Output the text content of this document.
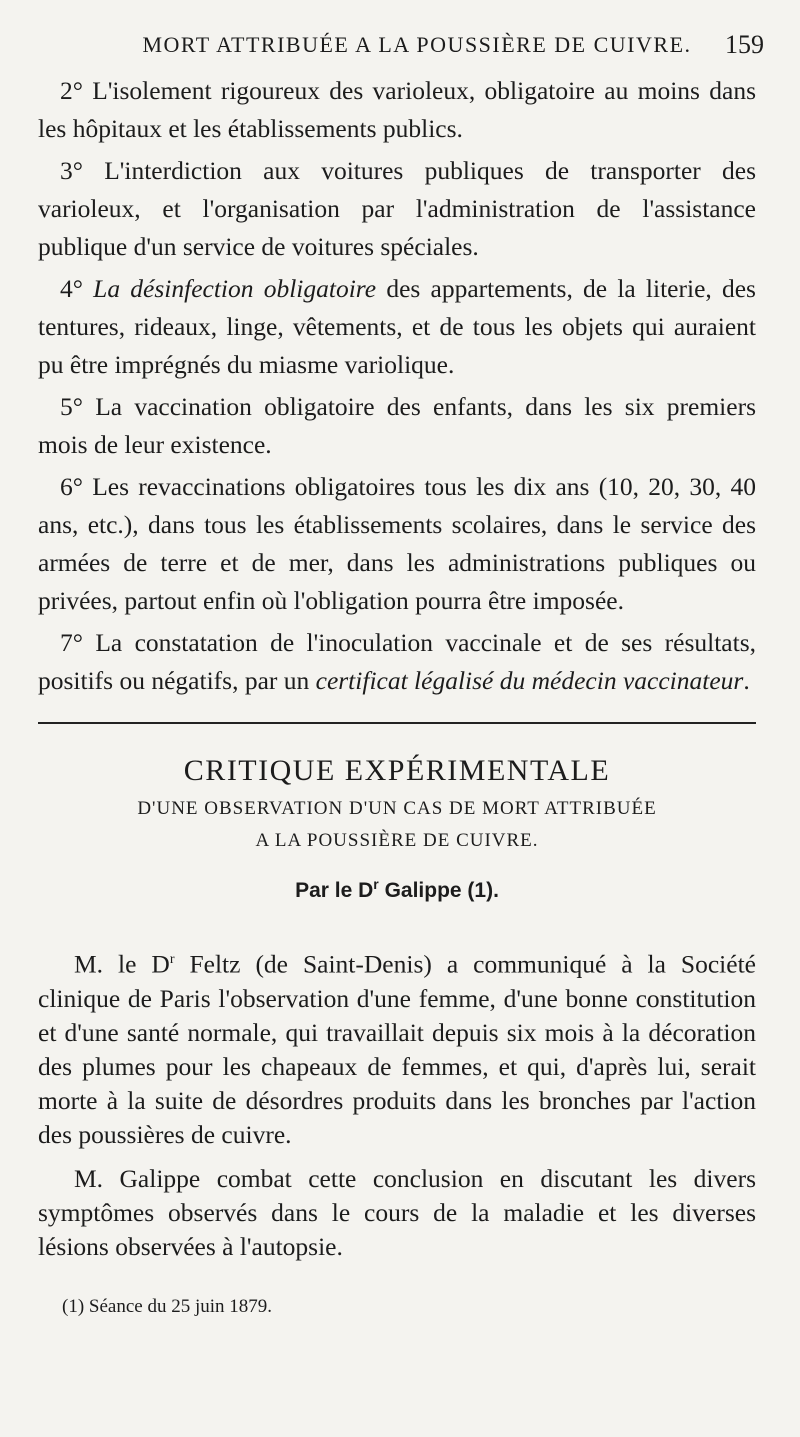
MORT ATTRIBUÉE A LA POUSSIÈRE DE CUIVRE. 159

2° L'isolement rigoureux des varioleux, obligatoire au moins dans les hôpitaux et les établissements publics.

3° L'interdiction aux voitures publiques de transporter des varioleux, et l'organisation par l'administration de l'assistance publique d'un service de voitures spéciales.

4° La désinfection obligatoire des appartements, de la literie, des tentures, rideaux, linge, vêtements, et de tous les objets qui auraient pu être imprégnés du miasme variolique.

5° La vaccination obligatoire des enfants, dans les six premiers mois de leur existence.

6° Les revaccinations obligatoires tous les dix ans (10, 20, 30, 40 ans, etc.), dans tous les établissements scolaires, dans le service des armées de terre et de mer, dans les administrations publiques ou privées, partout enfin où l'obligation pourra être imposée.

7° La constatation de l'inoculation vaccinale et de ses résultats, positifs ou négatifs, par un certificat légalisé du médecin vaccinateur.

CRITIQUE EXPÉRIMENTALE
D'UNE OBSERVATION D'UN CAS DE MORT ATTRIBUÉE
A LA POUSSIÈRE DE CUIVRE.
Par le $D^r$ Galippe (1).

M. le $D^r$ Feltz (de Saint-Denis) a communiqué à la Société clinique de Paris l'observation d'une femme, d'une bonne constitution et d'une santé normale, qui travaillait depuis six mois à la décoration des plumes pour les chapeaux de femmes, et qui, d'après lui, serait morte à la suite de désordres produits dans les bronches par l'action des poussières de cuivre.

M. Galippe combat cette conclusion en discutant les divers symptômes observés dans le cours de la maladie et les diverses lésions observées à l'autopsie.

(1) Séance du 25 juin 1879.
